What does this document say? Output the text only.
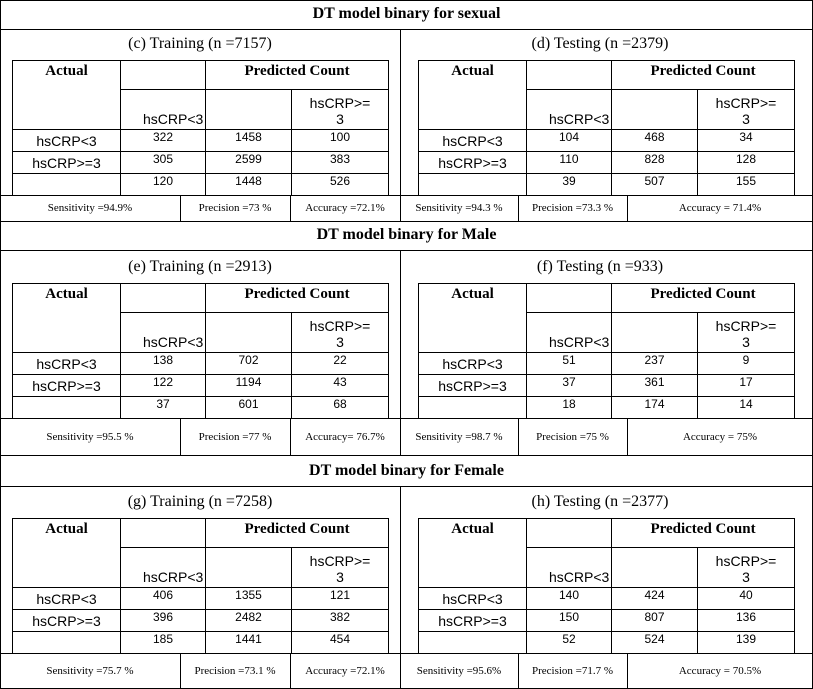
DT model binary for sexual
(c) Training (n =7157)
Actual		Predicted Count	
	hsCRP<3		hsCRP>=
3
hsCRP<3	322	1458	100
hsCRP>=3	305	2599	383
	120	1448	526
(d) Testing (n =2379)
Actual		Predicted Count	
	hsCRP<3		hsCRP>=
3
hsCRP<3	104	468	34
hsCRP>=3	110	828	128
	39	507	155
Sensitivity =94.9%	Precision =73 %	Accuracy =72.1%	Sensitivity =94.3 %	Precision =73.3 %	Accuracy = 71.4%
DT model binary for Male
(e) Training (n =2913)
Actual		Predicted Count	
	hsCRP<3		hsCRP>=
3
hsCRP<3	138	702	22
hsCRP>=3	122	1194	43
	37	601	68
(f) Testing (n =933)
Actual		Predicted Count	
	hsCRP<3		hsCRP>=
3
hsCRP<3	51	237	9
hsCRP>=3	37	361	17
	18	174	14
Sensitivity =95.5 %	Precision =77 %	Accuracy= 76.7%	Sensitivity =98.7 %	Precision =75 %	Accuracy = 75%
DT model binary for Female
(g) Training (n =7258)
Actual		Predicted Count	
	hsCRP<3		hsCRP>=
3
hsCRP<3	406	1355	121
hsCRP>=3	396	2482	382
	185	1441	454
(h) Testing (n =2377)
Actual		Predicted Count	
	hsCRP<3		hsCRP>=
3
hsCRP<3	140	424	40
hsCRP>=3	150	807	136
	52	524	139
Sensitivity =75.7 %	Precision =73.1 %	Accuracy =72.1%	Sensitivity =95.6%	Precision =71.7 %	Accuracy = 70.5%
